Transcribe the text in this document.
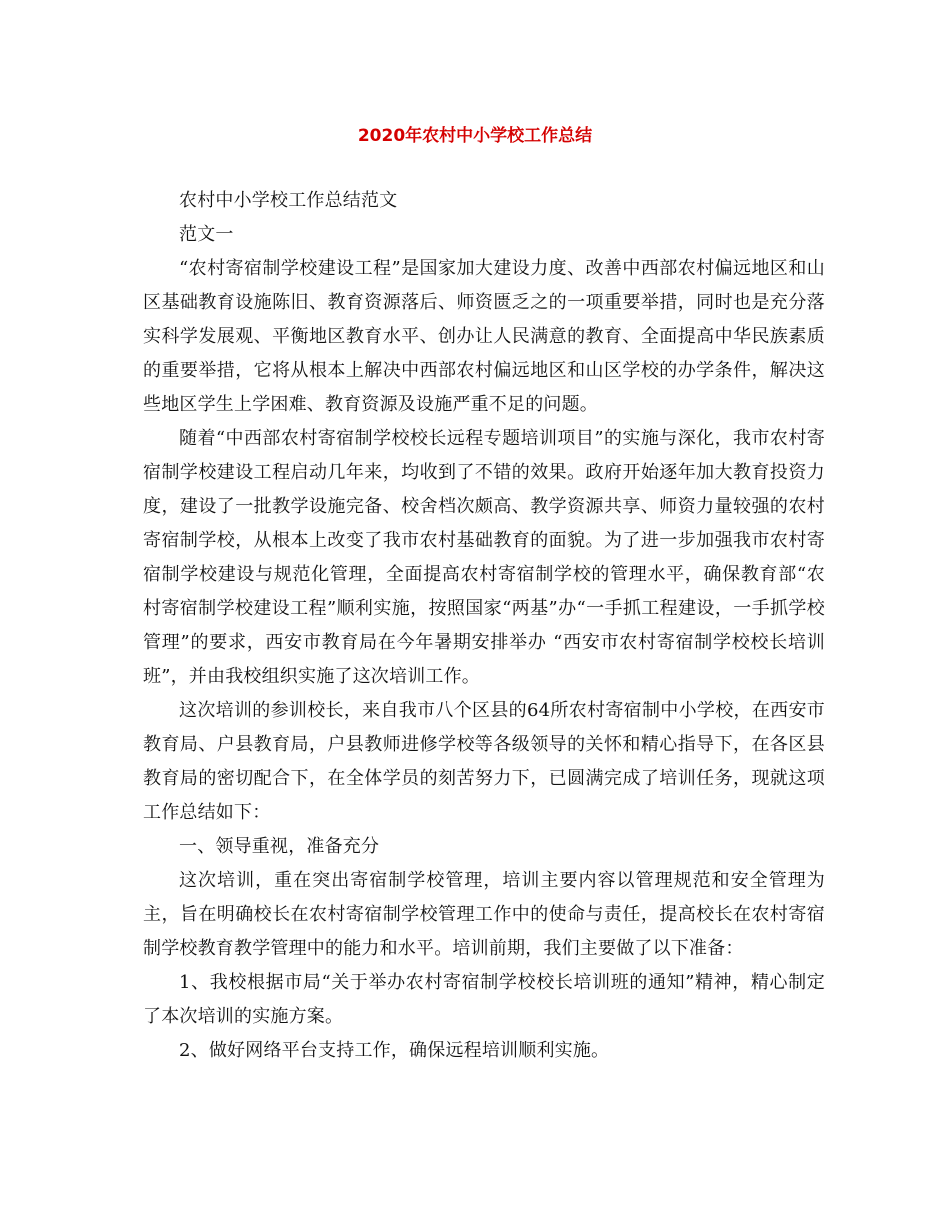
2020年农村中小学校工作总结

农村中小学校工作总结范文

范文一

“农村寄宿制学校建设工程”是国家加大建设力度、改善中西部农村偏远地区和山区基础教育设施陈旧、教育资源落后、师资匮乏之的一项重要举措，同时也是充分落实科学发展观、平衡地区教育水平、创办让人民满意的教育、全面提高中华民族素质的重要举措，它将从根本上解决中西部农村偏远地区和山区学校的办学条件，解决这些地区学生上学困难、教育资源及设施严重不足的问题。

随着“中西部农村寄宿制学校校长远程专题培训项目”的实施与深化，我市农村寄宿制学校建设工程启动几年来，均收到了不错的效果。政府开始逐年加大教育投资力度，建设了一批教学设施完备、校舍档次颇高、教学资源共享、师资力量较强的农村寄宿制学校，从根本上改变了我市农村基础教育的面貌。为了进一步加强我市农村寄宿制学校建设与规范化管理，全面提高农村寄宿制学校的管理水平，确保教育部“农村寄宿制学校建设工程”顺利实施，按照国家“两基”办“一手抓工程建设，一手抓学校管理”的要求，西安市教育局在今年暑期安排举办 “西安市农村寄宿制学校校长培训班”，并由我校组织实施了这次培训工作。

这次培训的参训校长，来自我市八个区县的64所农村寄宿制中小学校，在西安市教育局、户县教育局，户县教师进修学校等各级领导的关怀和精心指导下，在各区县教育局的密切配合下，在全体学员的刻苦努力下，已圆满完成了培训任务，现就这项工作总结如下：

一、领导重视，准备充分

这次培训，重在突出寄宿制学校管理，培训主要内容以管理规范和安全管理为主，旨在明确校长在农村寄宿制学校管理工作中的使命与责任，提高校长在农村寄宿制学校教育教学管理中的能力和水平。培训前期，我们主要做了以下准备：

1、我校根据市局“关于举办农村寄宿制学校校长培训班的通知”精神，精心制定了本次培训的实施方案。

2、做好网络平台支持工作，确保远程培训顺利实施。
